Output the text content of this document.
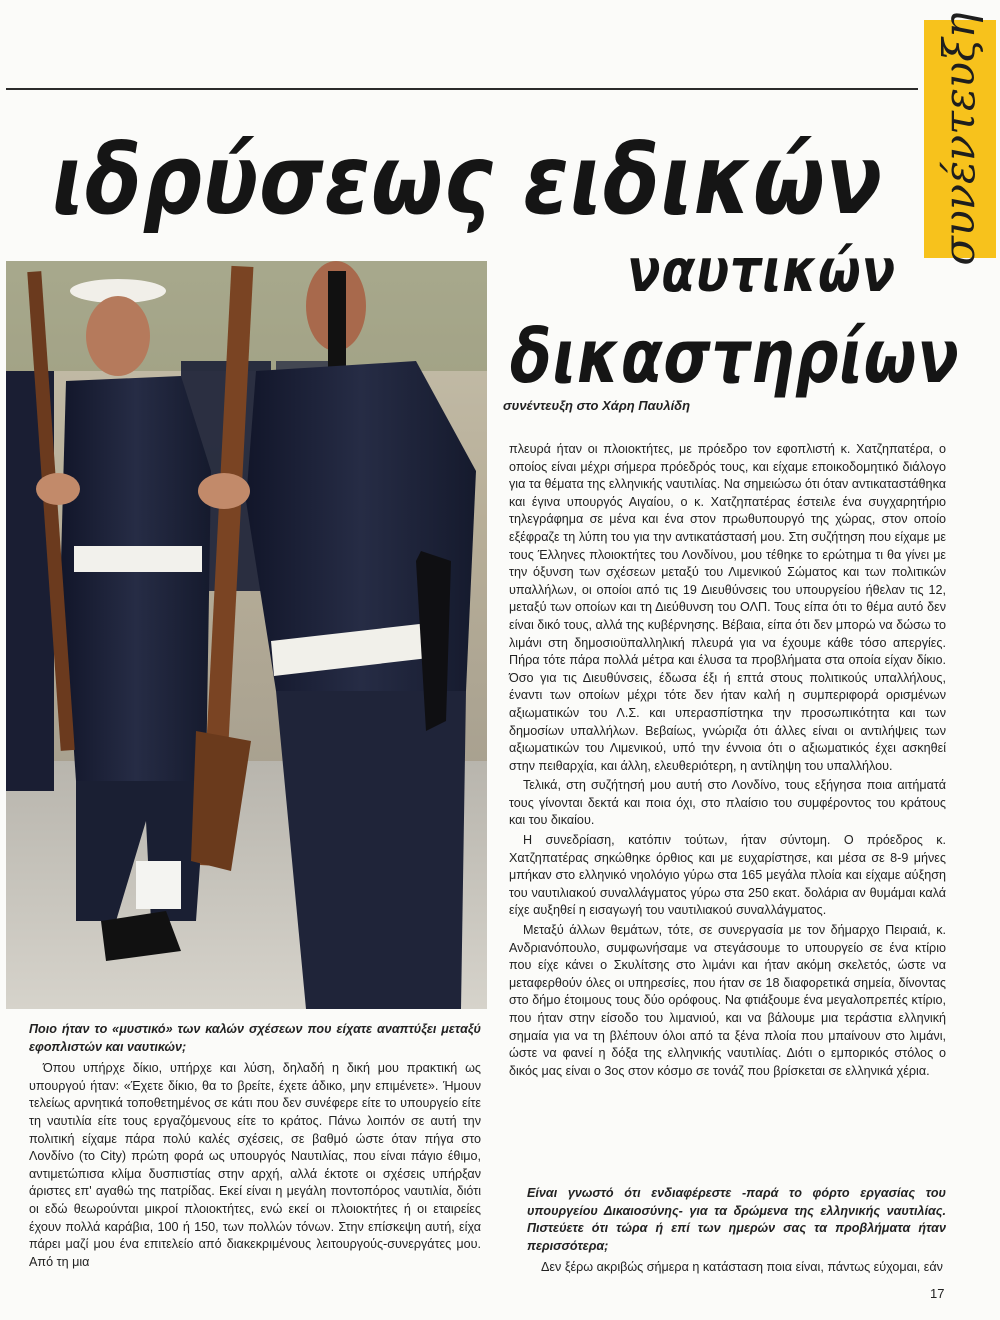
συνέντευξη
ιδρύσεως ειδικών
ναυτικών
δικαστηρίων
συνέντευξη στο Χάρη Παυλίδη

Ποιο ήταν το «μυστικό» των καλών σχέσεων που είχατε αναπτύξει μεταξύ εφοπλιστών και ναυτικών;

Όπου υπήρχε δίκιο, υπήρχε και λύση, δηλαδή η δική μου πρακτική ως υπουργού ήταν: «Έχετε δίκιο, θα το βρείτε, έχετε άδικο, μην επιμένετε». Ήμουν τελείως αρνητικά τοποθετημένος σε κάτι που δεν συνέφερε είτε το υπουργείο είτε τη ναυτιλία είτε τους εργαζόμενους είτε το κράτος. Πάνω λοιπόν σε αυτή την πολιτική είχαμε πάρα πολύ καλές σχέσεις, σε βαθμό ώστε όταν πήγα στο Λονδίνο (το City) πρώτη φορά ως υπουργός Ναυτιλίας, που είναι πάγιο έθιμο, αντιμετώπισα κλίμα δυσπιστίας στην αρχή, αλλά έκτοτε οι σχέσεις υπήρξαν άριστες επ' αγαθώ της πατρίδας. Εκεί είναι η μεγάλη ποντοπόρος ναυτιλία, διότι οι εδώ θεωρούνται μικροί πλοιοκτήτες, ενώ εκεί οι πλοιοκτήτες ή οι εταιρείες έχουν πολλά καράβια, 100 ή 150, των πολλών τόνων. Στην επίσκεψη αυτή, είχα πάρει μαζί μου ένα επιτελείο από διακεκριμένους λειτουργούς-συνεργάτες μου. Από τη μια

πλευρά ήταν οι πλοιοκτήτες, με πρόεδρο τον εφοπλιστή κ. Χατζηπατέρα, ο οποίος είναι μέχρι σήμερα πρόεδρός τους, και είχαμε εποικοδομητικό διάλογο για τα θέματα της ελληνικής ναυτιλίας. Να σημειώσω ότι όταν αντικαταστάθηκα και έγινα υπουργός Αιγαίου, ο κ. Χατζηπατέρας έστειλε ένα συγχαρητήριο τηλεγράφημα σε μένα και ένα στον πρωθυπουργό της χώρας, στον οποίο εξέφραζε τη λύπη του για την αντικατάστασή μου. Στη συζήτηση που είχαμε με τους Έλληνες πλοιοκτήτες του Λονδίνου, μου τέθηκε το ερώτημα τι θα γίνει με την όξυνση των σχέσεων μεταξύ του Λιμενικού Σώματος και των πολιτικών υπαλλήλων, οι οποίοι από τις 19 Διευθύνσεις του υπουργείου ήθελαν τις 12, μεταξύ των οποίων και τη Διεύθυνση του ΟΛΠ. Τους είπα ότι το θέμα αυτό δεν είναι δικό τους, αλλά της κυβέρνησης. Βέβαια, είπα ότι δεν μπορώ να δώσω το λιμάνι στη δημοσιοϋπαλληλική πλευρά για να έχουμε κάθε τόσο απεργίες. Πήρα τότε πάρα πολλά μέτρα και έλυσα τα προβλήματα στα οποία είχαν δίκιο. Όσο για τις Διευθύνσεις, έδωσα έξι ή επτά στους πολιτικούς υπαλλήλους, έναντι των οποίων μέχρι τότε δεν ήταν καλή η συμπεριφορά ορισμένων αξιωματικών του Λ.Σ. και υπερασπίστηκα την προσωπικότητα και των δημοσίων υπαλλήλων. Βεβαίως, γνώριζα ότι άλλες είναι οι αντιλήψεις των αξιωματικών του Λιμενικού, υπό την έννοια ότι ο αξιωματικός έχει ασκηθεί στην πειθαρχία, και άλλη, ελευθεριότερη, η αντίληψη του υπαλλήλου.

Τελικά, στη συζήτησή μου αυτή στο Λονδίνο, τους εξήγησα ποια αιτήματά τους γίνονται δεκτά και ποια όχι, στο πλαίσιο του συμφέροντος του κράτους και του δικαίου.

Η συνεδρίαση, κατόπιν τούτων, ήταν σύντομη. Ο πρόεδρος κ. Χατζηπατέρας σηκώθηκε όρθιος και με ευχαρίστησε, και μέσα σε 8-9 μήνες μπήκαν στο ελληνικό νηολόγιο γύρω στα 165 μεγάλα πλοία και είχαμε αύξηση του ναυτιλιακού συναλλάγματος γύρω στα 250 εκατ. δολάρια αν θυμάμαι καλά είχε αυξηθεί η εισαγωγή του ναυτιλιακού συναλλάγματος.

Μεταξύ άλλων θεμάτων, τότε, σε συνεργασία με τον δήμαρχο Πειραιά, κ. Ανδριανόπουλο, συμφωνήσαμε να στεγάσουμε το υπουργείο σε ένα κτίριο που είχε κάνει ο Σκυλίτσης στο λιμάνι και ήταν ακόμη σκελετός, ώστε να μεταφερθούν όλες οι υπηρεσίες, που ήταν σε 18 διαφορετικά σημεία, δίνοντας στο δήμο έτοιμους τους δύο ορόφους. Να φτιάξουμε ένα μεγαλοπρεπές κτίριο, που ήταν στην είσοδο του λιμανιού, και να βάλουμε μια τεράστια ελληνική σημαία για να τη βλέπουν όλοι από τα ξένα πλοία που μπαίνουν στο λιμάνι, ώστε να φανεί η δόξα της ελληνικής ναυτιλίας. Διότι ο εμπορικός στόλος ο δικός μας είναι ο 3ος στον κόσμο σε τονάζ που βρίσκεται σε ελληνικά χέρια.

Είναι γνωστό ότι ενδιαφέρεστε -παρά το φόρτο εργασίας του υπουργείου Δικαιοσύνης- για τα δρώμενα της ελληνικής ναυτιλίας. Πιστεύετε ότι τώρα ή επί των ημερών σας τα προβλήματα ήταν περισσότερα;

Δεν ξέρω ακριβώς σήμερα η κατάσταση ποια είναι, πάντως εύχομαι, εάν

17
